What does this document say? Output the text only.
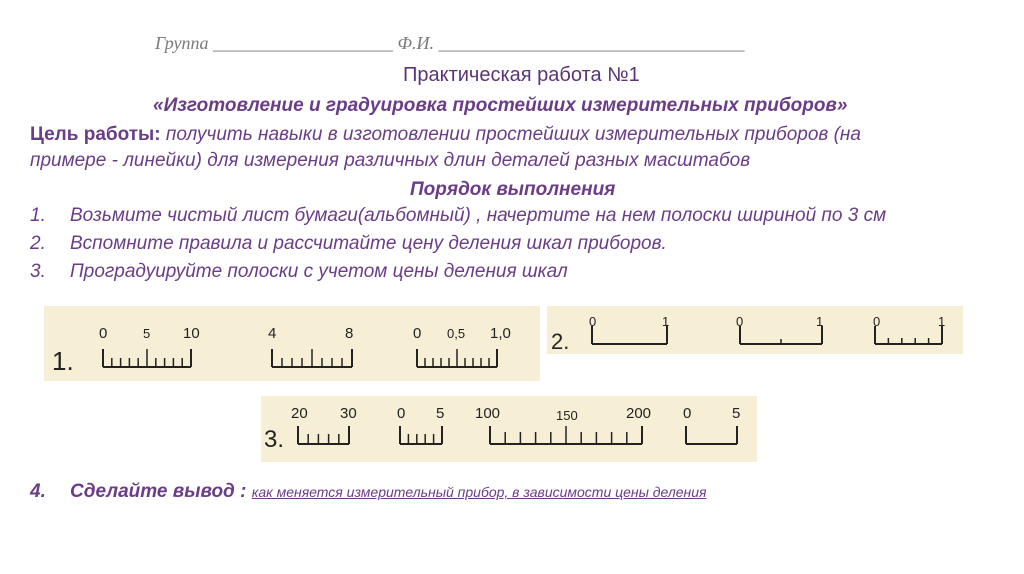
Группа ____________________ Ф.И. __________________________________
Практическая работа №1
«Изготовление и градуировка простейших измерительных приборов»
Цель работы: получить навыки в изготовлении простейших измерительных приборов (на
примере - линейки) для измерения различных длин деталей разных масштабов
Порядок выполнения
1. Возьмите чистый лист бумаги(альбомный) , начертите на нем полоски шириной по 3 см
2. Вспомните правила и рассчитайте цену деления шкал приборов.
3. Проградуируйте полоски с учетом цены деления шкал
1.
2.
3.
0	5 10	4	8	0 0,5 1,0
0	1	0	1	0	1
20 30	0 5 100	150	200 0	5
4. Сделайте вывод : как меняется измерительный прибор, в зависимости цены деления
